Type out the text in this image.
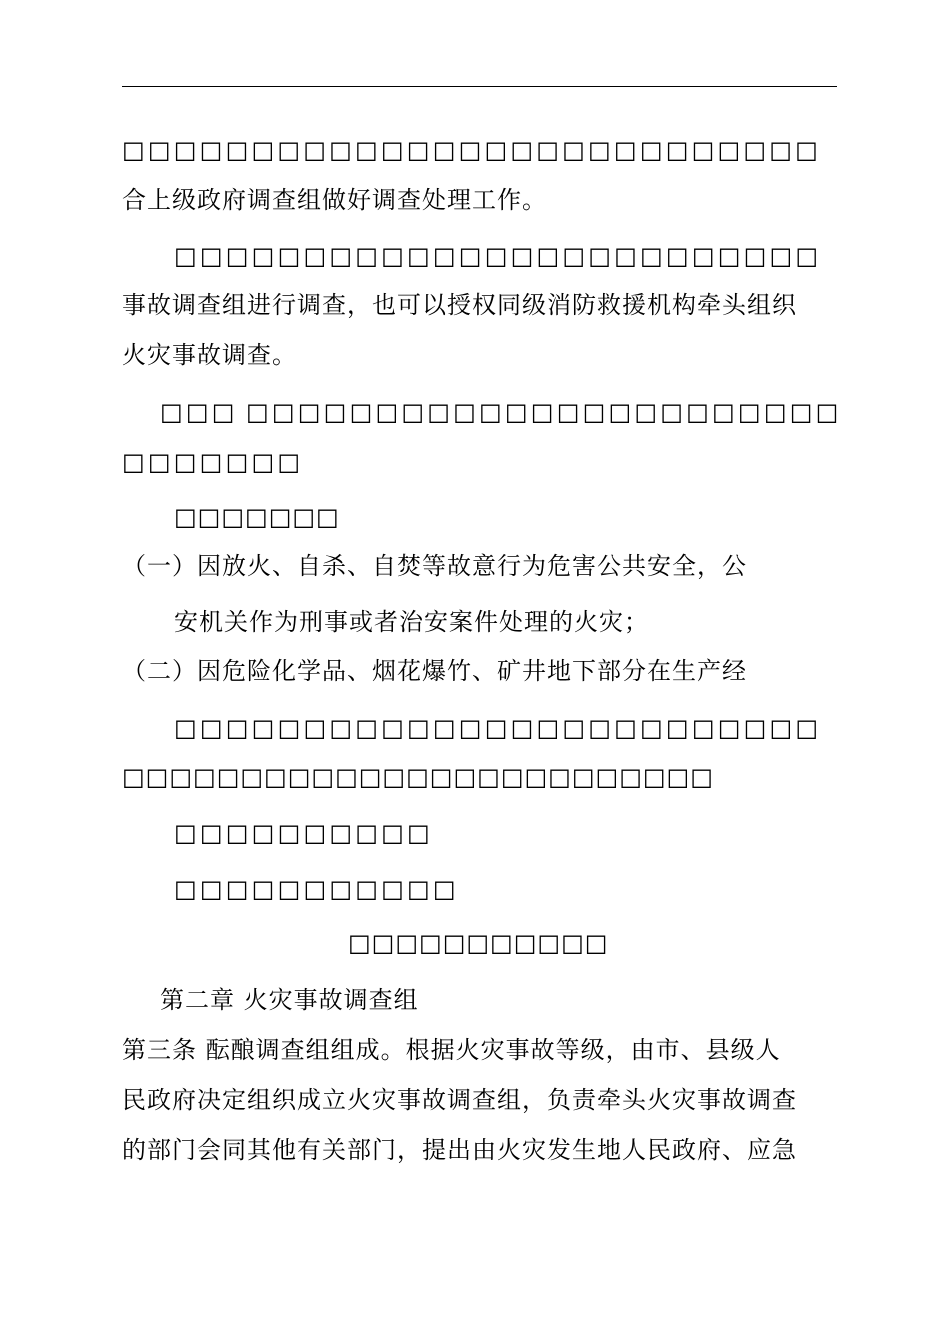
□ □ □ □ □ □ □ □ □ □ □ □ □ □ □ □ □ □ □ □ □ □ □ □ □ □ □
合上级政府调查组做好调查处理工作。
□ □ □ □ □ □ □ □ □ □ □ □ □ □ □ □ □ □ □ □ □ □ □ □ □
事故调查组进行调查，也可以授权同级消防救援机构牵头组织
火灾事故调查。
□ □ □ □ □ □ □ □ □ □ □ □ □ □ □ □ □ □ □ □ □ □ □ □ □ □
□ □ □ □ □ □ □
□□□□□□□
（一）因放火、自杀、自焚等故意行为危害公共安全，公
安机关作为刑事或者治安案件处理的火灾；
（二）因危险化学品、烟花爆竹、矿井地下部分在生产经
□ □ □ □ □ □ □ □ □ □ □ □ □ □ □ □ □ □ □ □ □ □ □ □ □
□□□□□□□□□□□□□□□□□□□□□□□□□
□ □ □ □ □ □ □ □ □ □
□ □ □ □ □ □ □ □ □ □ □
□□□□□□□□□□□
第二章 火灾事故调查组
第三条 酝酿调查组组成。根据火灾事故等级，由市、县级人
民政府决定组织成立火灾事故调查组，负责牵头火灾事故调查
的部门会同其他有关部门，提出由火灾发生地人民政府、应急
